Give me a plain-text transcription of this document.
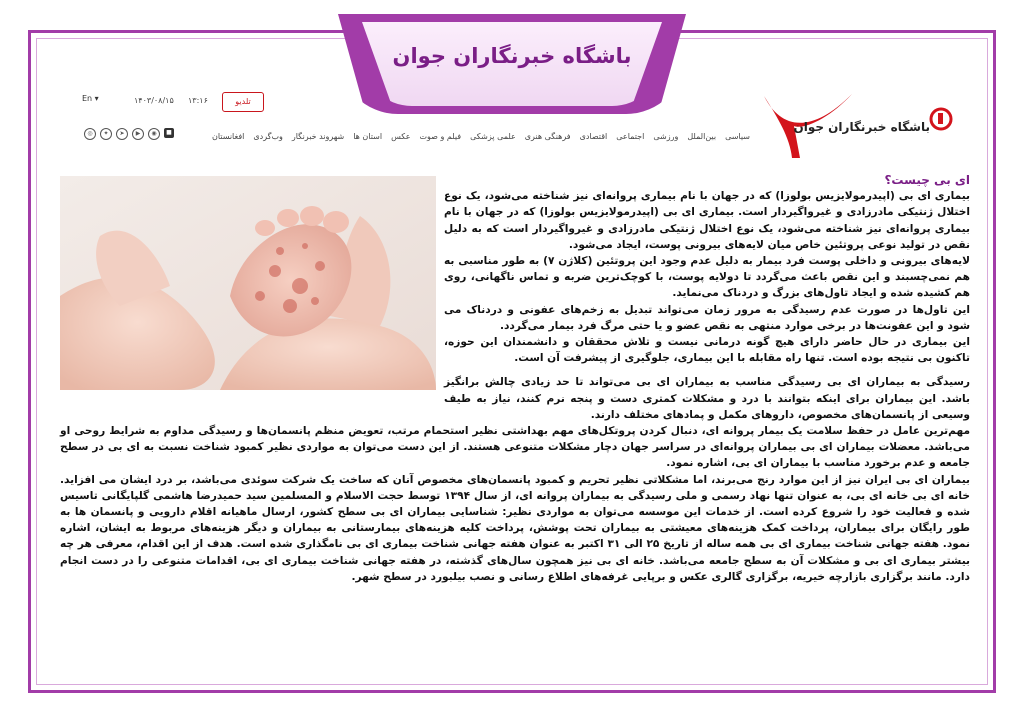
باشگاه خبرنگاران جوان
باشگاه خبرنگاران جوان
سیاسی
بین‌الملل
ورزشی
اجتماعی
اقتصادی
فرهنگی هنری
علمی پزشکی
فیلم و صوت
عکس
استان ها
شهروند خبرنگار
وب‌گردی
افغانستان
En ▾	۱۴۰۳/۰۸/۱۵ ۱۳:۱۶	تلدیو
◎	✦	➤	▶	◉	■
ای بی چیست؟

بیماری ای بی (اپیدرمولایزیس بولوزا) که در جهان با نام بیماری پروانه‌ای نیز شناخته می‌شود، یک نوع اختلال ژنتیکی مادرزادی و غیرواگیردار است. بیماری ای بی (اپیدرمولایزیس بولوزا) که در جهان با نام بیماری پروانه‌ای نیز شناخته می‌شود، یک نوع اختلال ژنتیکی مادرزادی و غیرواگیردار است که به دلیل نقص در تولید نوعی پروتئین خاص میان لایه‌های بیرونی پوست، ایجاد می‌شود.

لایه‌های بیرونی و داخلی پوست فرد بیمار به دلیل عدم وجود این پروتئین (کلاژن ۷) به طور مناسبی به هم نمی‌چسبند و این نقص باعث می‌گردد تا دولایه پوست، با کوچک‌ترین ضربه و تماس ناگهانی، روی هم کشیده شده و ایجاد تاول‌های بزرگ و دردناک می‌نماید.

این تاول‌ها در صورت عدم رسیدگی به مرور زمان می‌تواند تبدیل به زخم‌های عفونی و دردناک می شود و این عفونت‌ها در برخی موارد منتهی به نقص عضو و یا حتی مرگ فرد بیمار می‌گردد.

این بیماری در حال حاضر دارای هیچ گونه درمانی نیست و تلاش محققان و دانشمندان این حوزه، تاکنون بی نتیجه بوده است. تنها راه مقابله با این بیماری، جلوگیری از پیشرفت آن است.

رسیدگی به بیماران ای بی رسیدگی مناسب به بیماران ای بی می‌تواند تا حد زیادی چالش برانگیز باشد. این بیماران برای اینکه بتوانند با درد و مشکلات کمتری دست و پنجه نرم کنند، نیاز به طیف وسیعی از پانسمان‌های مخصوص، داروهای مکمل و پمادهای مختلف دارند.

مهم‌ترین عامل در حفظ سلامت یک بیمار پروانه ای، دنبال کردن پروتکل‌های مهم بهداشتی نظیر استحمام مرتب، تعویض منظم پانسمان‌ها و رسیدگی مداوم به شرایط روحی او می‌باشد. معضلات بیماران ای بی بیماران پروانه‌ای در سراسر جهان دچار مشکلات متنوعی هستند. از این دست می‌توان به مواردی نظیر کمبود شناخت نسبت به ای بی در سطح جامعه و عدم برخورد مناسب با بیماران ای بی، اشاره نمود.

بیماران ای بی ایران نیز از این موارد رنج می‌برند، اما مشکلاتی نظیر تحریم و کمبود پانسمان‌های مخصوص آنان که ساخت یک شرکت سوئدی می‌باشد، بر درد ایشان می افزاید. خانه ای بی خانه ای بی، به عنوان تنها نهاد رسمی و ملی رسیدگی به بیماران پروانه ای، از سال ۱۳۹۴ توسط حجت الاسلام و المسلمین سید حمیدرضا هاشمی گلپایگانی تاسیس شده و فعالیت خود را شروع کرده است. از خدمات این موسسه می‌توان به مواردی نظیر: شناسایی بیماران ای بی سطح کشور، ارسال ماهیانه اقلام دارویی و پانسمان ها به طور رایگان برای بیماران، پرداخت کمک هزینه‌های معیشتی به بیماران تحت پوشش، پرداخت کلیه هزینه‌های بیمارستانی به بیماران و دیگر هزینه‌های مربوط به ایشان، اشاره نمود. هفته جهانی شناخت بیماری ای بی همه ساله از تاریخ ۲۵ الی ۳۱ اکتبر به عنوان هفته جهانی شناخت بیماری ای بی نامگذاری شده است. هدف از این اقدام، معرفی هر چه بیشتر بیماری ای بی و مشکلات آن به سطح جامعه می‌باشد. خانه ای بی نیز همچون سال‌های گذشته، در هفته جهانی شناخت بیماری ای بی، اقدامات متنوعی را در دست انجام دارد. مانند برگزاری بازارچه خیریه، برگزاری گالری عکس و برپایی غرفه‌های اطلاع رسانی و نصب بیلبورد در سطح شهر.
